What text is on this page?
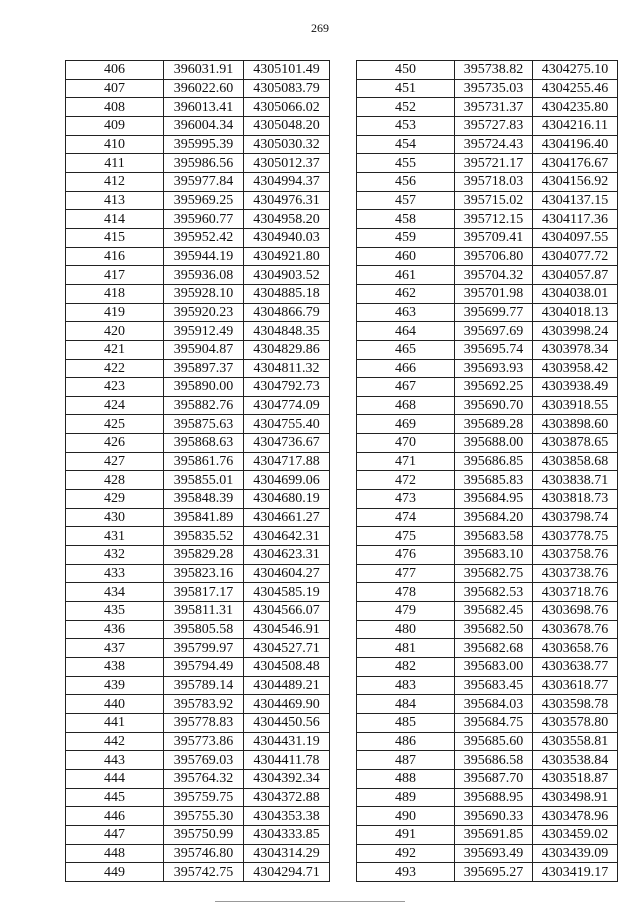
269
406	396031.91	4305101.49
407	396022.60	4305083.79
408	396013.41	4305066.02
409	396004.34	4305048.20
410	395995.39	4305030.32
411	395986.56	4305012.37
412	395977.84	4304994.37
413	395969.25	4304976.31
414	395960.77	4304958.20
415	395952.42	4304940.03
416	395944.19	4304921.80
417	395936.08	4304903.52
418	395928.10	4304885.18
419	395920.23	4304866.79
420	395912.49	4304848.35
421	395904.87	4304829.86
422	395897.37	4304811.32
423	395890.00	4304792.73
424	395882.76	4304774.09
425	395875.63	4304755.40
426	395868.63	4304736.67
427	395861.76	4304717.88
428	395855.01	4304699.06
429	395848.39	4304680.19
430	395841.89	4304661.27
431	395835.52	4304642.31
432	395829.28	4304623.31
433	395823.16	4304604.27
434	395817.17	4304585.19
435	395811.31	4304566.07
436	395805.58	4304546.91
437	395799.97	4304527.71
438	395794.49	4304508.48
439	395789.14	4304489.21
440	395783.92	4304469.90
441	395778.83	4304450.56
442	395773.86	4304431.19
443	395769.03	4304411.78
444	395764.32	4304392.34
445	395759.75	4304372.88
446	395755.30	4304353.38
447	395750.99	4304333.85
448	395746.80	4304314.29
449	395742.75	4304294.71
450	395738.82	4304275.10
451	395735.03	4304255.46
452	395731.37	4304235.80
453	395727.83	4304216.11
454	395724.43	4304196.40
455	395721.17	4304176.67
456	395718.03	4304156.92
457	395715.02	4304137.15
458	395712.15	4304117.36
459	395709.41	4304097.55
460	395706.80	4304077.72
461	395704.32	4304057.87
462	395701.98	4304038.01
463	395699.77	4304018.13
464	395697.69	4303998.24
465	395695.74	4303978.34
466	395693.93	4303958.42
467	395692.25	4303938.49
468	395690.70	4303918.55
469	395689.28	4303898.60
470	395688.00	4303878.65
471	395686.85	4303858.68
472	395685.83	4303838.71
473	395684.95	4303818.73
474	395684.20	4303798.74
475	395683.58	4303778.75
476	395683.10	4303758.76
477	395682.75	4303738.76
478	395682.53	4303718.76
479	395682.45	4303698.76
480	395682.50	4303678.76
481	395682.68	4303658.76
482	395683.00	4303638.77
483	395683.45	4303618.77
484	395684.03	4303598.78
485	395684.75	4303578.80
486	395685.60	4303558.81
487	395686.58	4303538.84
488	395687.70	4303518.87
489	395688.95	4303498.91
490	395690.33	4303478.96
491	395691.85	4303459.02
492	395693.49	4303439.09
493	395695.27	4303419.17
